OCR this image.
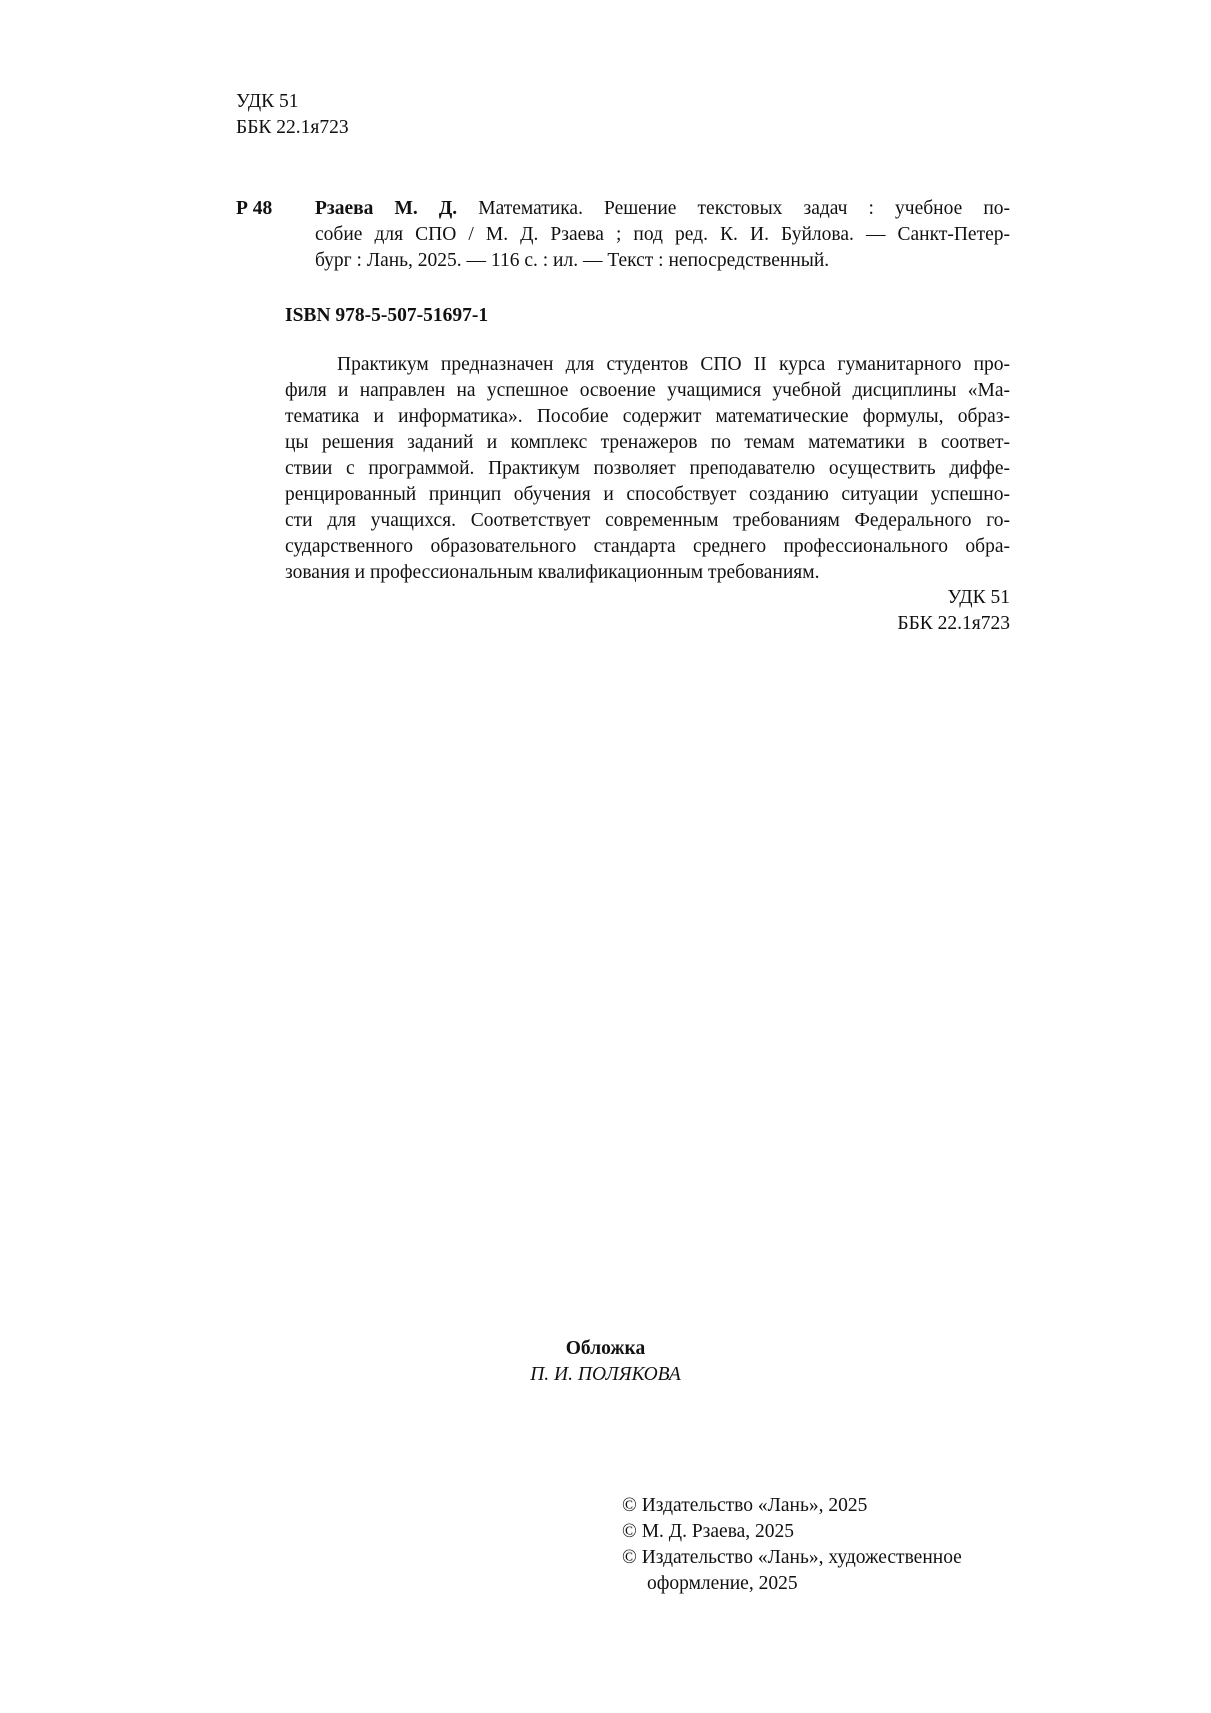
УДК 51
ББК 22.1я723
Р 48 Рзаева М. Д. Математика. Решение текстовых задач : учебное по-
собие для СПО / М. Д. Рзаева ; под ред. К. И. Буйлова. — Санкт-Петер-
бург : Лань, 2025. — 116 с. : ил. — Текст : непосредственный.
ISBN 978-5-507-51697-1
Практикум предназначен для студентов СПО II курса гуманитарного про-
филя и направлен на успешное освоение учащимися учебной дисциплины «Ма-
тематика и информатика». Пособие содержит математические формулы, образ-
цы решения заданий и комплекс тренажеров по темам математики в соответ-
ствии с программой. Практикум позволяет преподавателю осуществить диффе-
ренцированный принцип обучения и способствует созданию ситуации успешно-
сти для учащихся. Соответствует современным требованиям Федерального го-
сударственного образовательного стандарта среднего профессионального обра-
зования и профессиональным квалификационным требованиям.
УДК 51
ББК 22.1я723
Обложка
П. И. ПОЛЯКОВА
© Издательство «Лань», 2025
© М. Д. Рзаева, 2025
© Издательство «Лань», художественное
оформление, 2025
